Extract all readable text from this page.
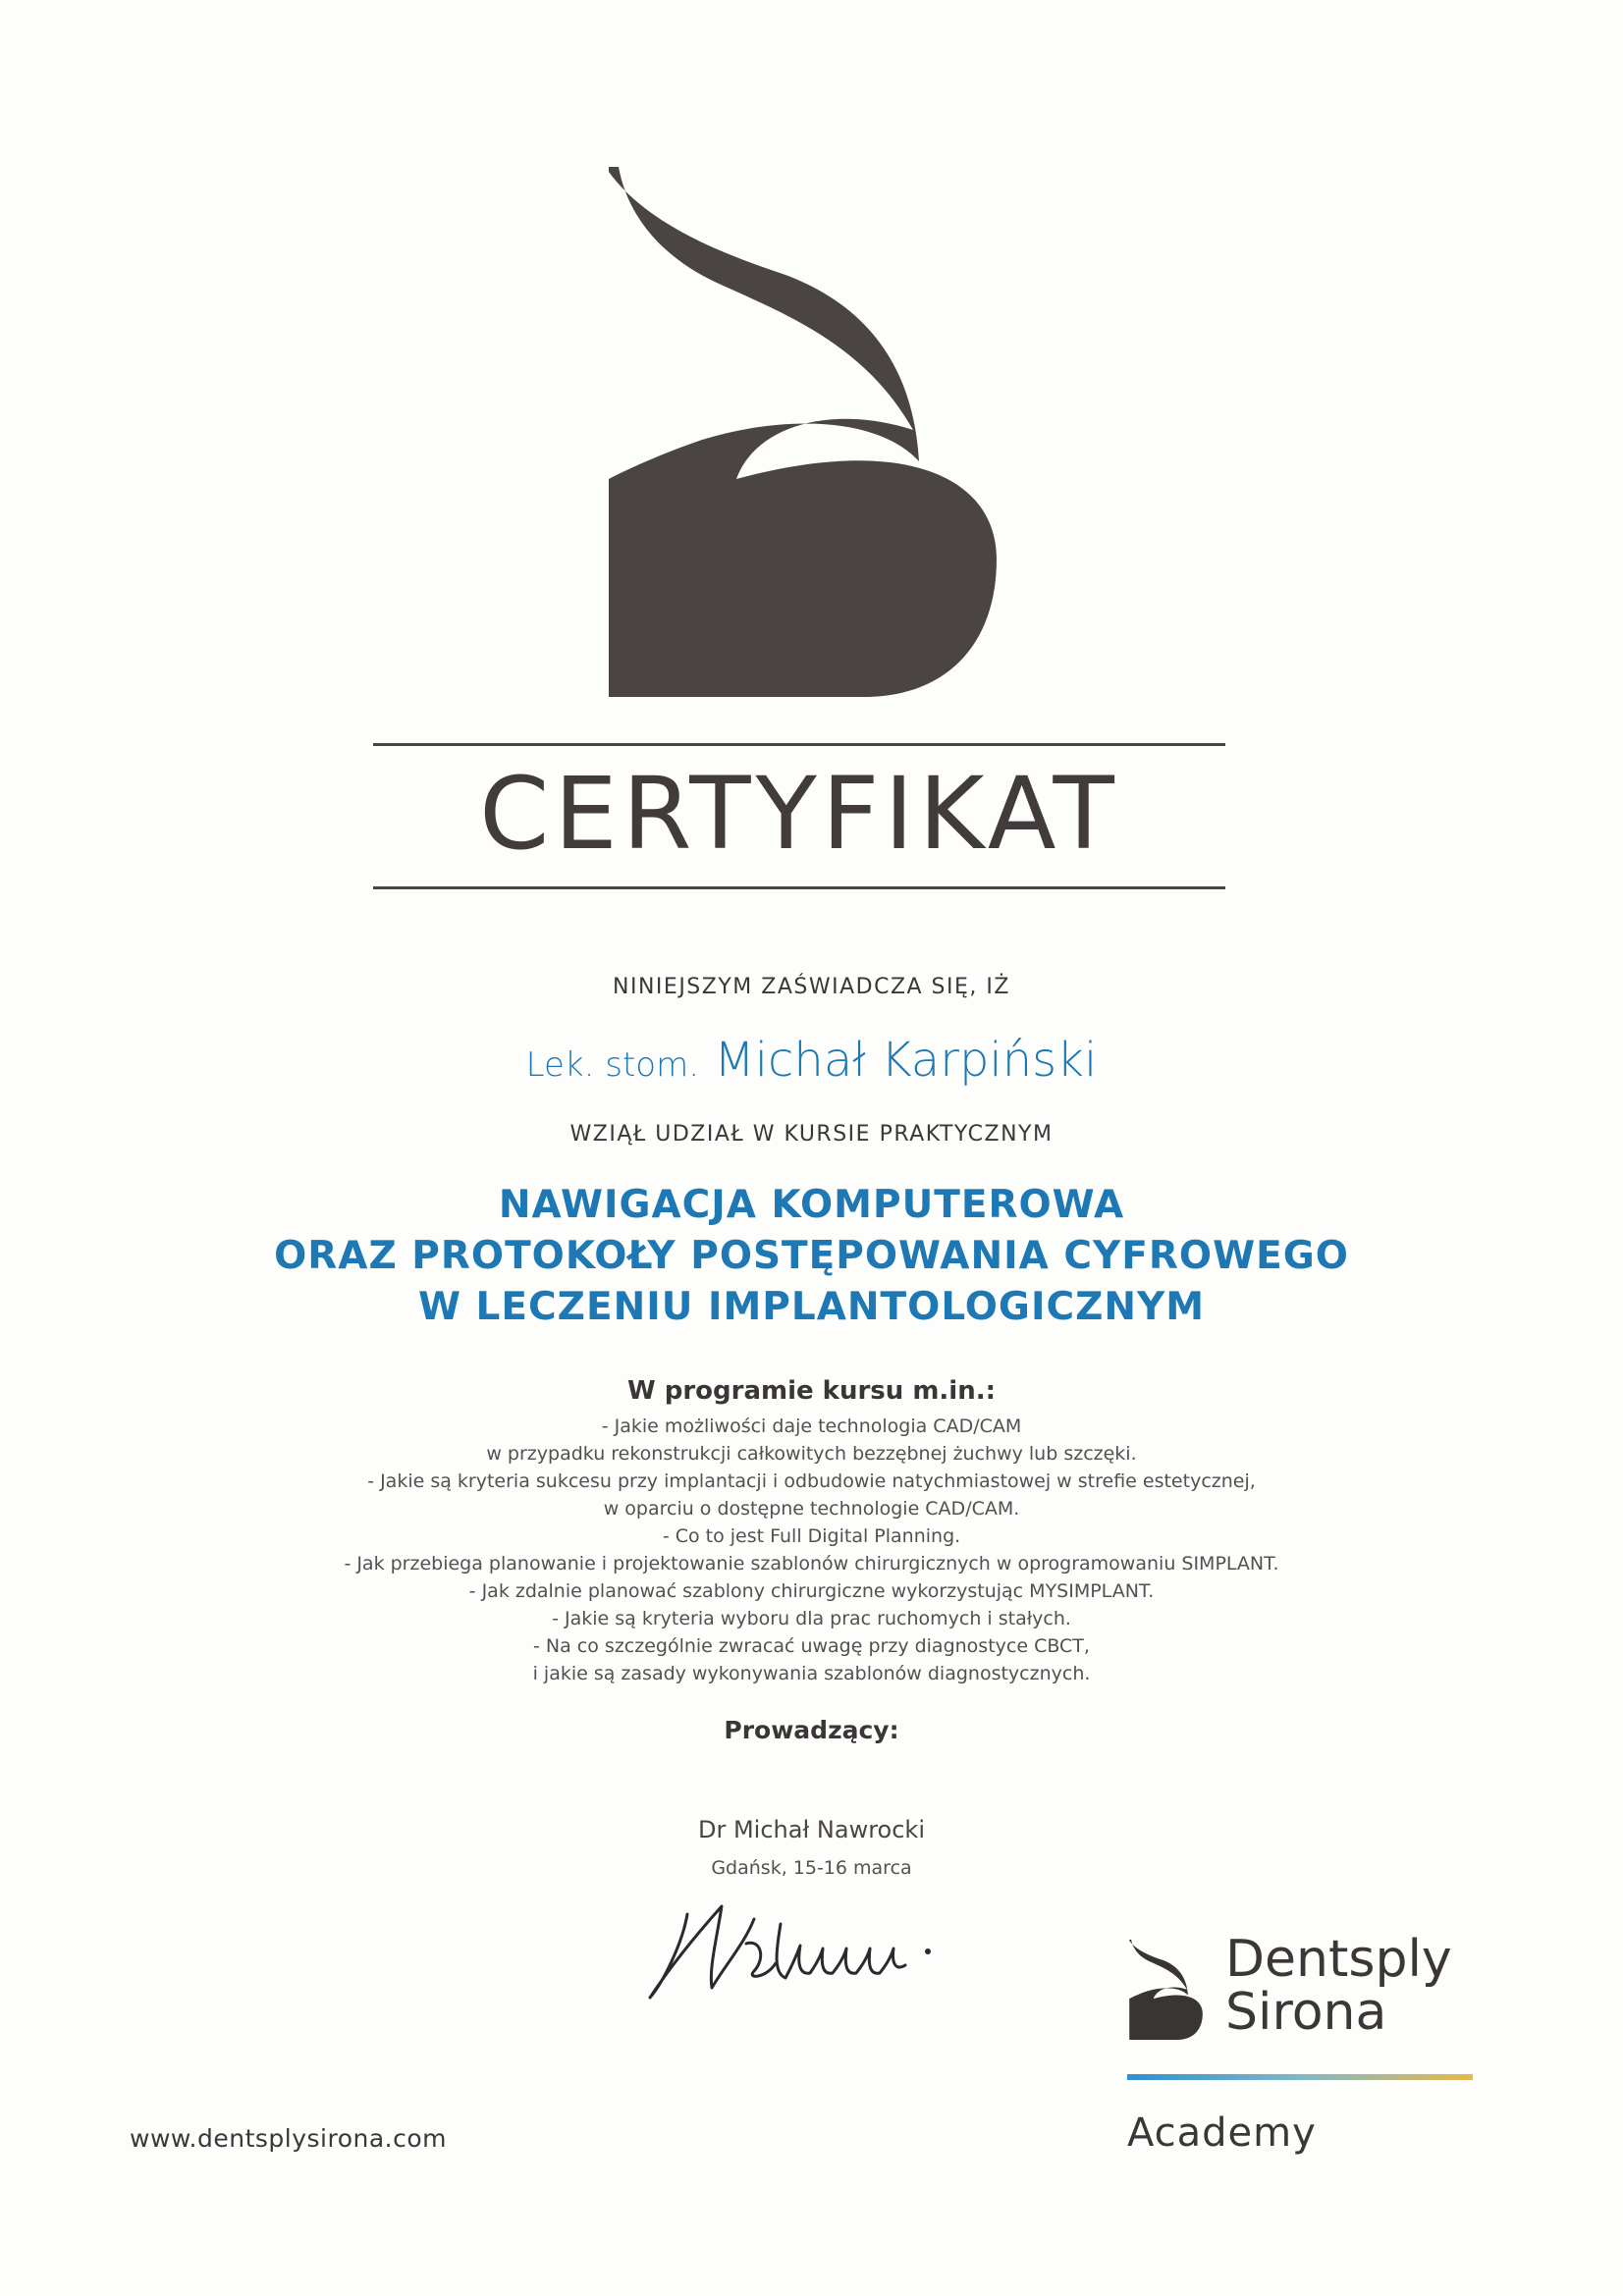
CERTYFIKAT
NINIEJSZYM ZAŚWIADCZA SIĘ, IŻ
Lek. stom. Michał Karpiński
WZIĄŁ UDZIAŁ W KURSIE PRAKTYCZNYM
NAWIGACJA KOMPUTEROWA
ORAZ PROTOKOŁY POSTĘPOWANIA CYFROWEGO
W LECZENIU IMPLANTOLOGICZNYM
W programie kursu m.in.:
- Jakie możliwości daje technologia CAD/CAM
w przypadku rekonstrukcji całkowitych bezzębnej żuchwy lub szczęki.
- Jakie są kryteria sukcesu przy implantacji i odbudowie natychmiastowej w strefie estetycznej,
w oparciu o dostępne technologie CAD/CAM.
- Co to jest Full Digital Planning.
- Jak przebiega planowanie i projektowanie szablonów chirurgicznych w oprogramowaniu SIMPLANT.
- Jak zdalnie planować szablony chirurgiczne wykorzystując MYSIMPLANT.
- Jakie są kryteria wyboru dla prac ruchomych i stałych.
- Na co szczególnie zwracać uwagę przy diagnostyce CBCT,
i jakie są zasady wykonywania szablonów diagnostycznych.
Prowadzący:
Dr Michał Nawrocki
Gdańsk, 15-16 marca
www.dentsplysirona.com
Dentsply
Sirona
Academy
